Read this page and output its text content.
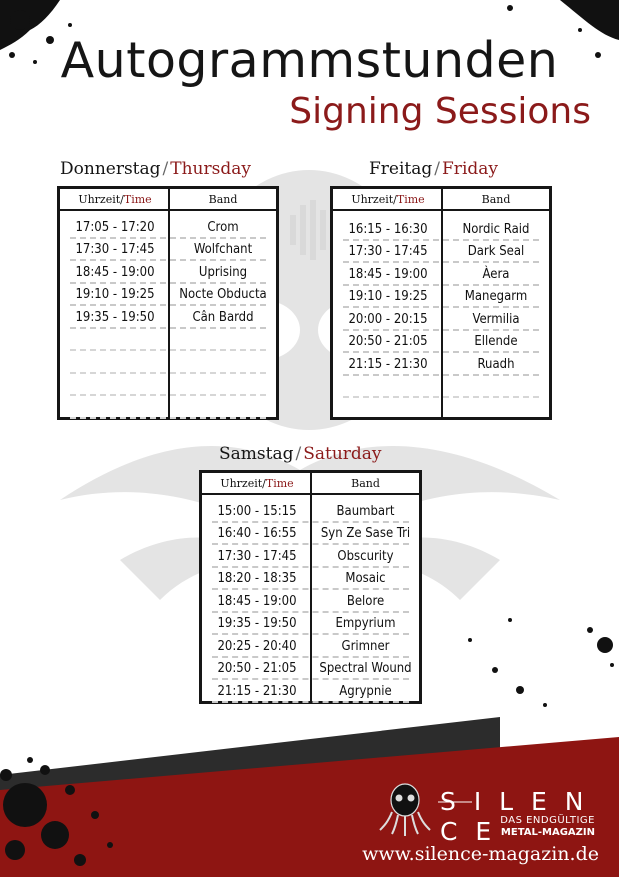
Autogrammstunden
Signing Sessions
Donnerstag / Thursday
Uhrzeit / Time	Band
17:05 - 17:20	Crom
17:30 - 17:45	Wolfchant
18:45 - 19:00	Uprising
19:10 - 19:25	Nocte Obducta
19:35 - 19:50	Cân Bardd
Freitag / Friday
Uhrzeit / Time	Band
16:15 - 16:30	Nordic Raid
17:30 - 17:45	Dark Seal
18:45 - 19:00	Àera
19:10 - 19:25	Manegarm
20:00 - 20:15	Vermilia
20:50 - 21:05	Ellende
21:15 - 21:30	Ruadh
Samstag / Saturday
Uhrzeit / Time	Band
15:00 - 15:15	Baumbart
16:40 - 16:55	Syn Ze Sase Tri
17:30 - 17:45	Obscurity
18:20 - 18:35	Mosaic
18:45 - 19:00	Belore
19:35 - 19:50	Empyrium
20:25 - 20:40	Grimner
20:50 - 21:05	Spectral Wound
21:15 - 21:30	Agrypnie
S I L E N C E DAS ENDGÜLTIGE
METAL-MAGAZIN
www.silence-magazin.de
